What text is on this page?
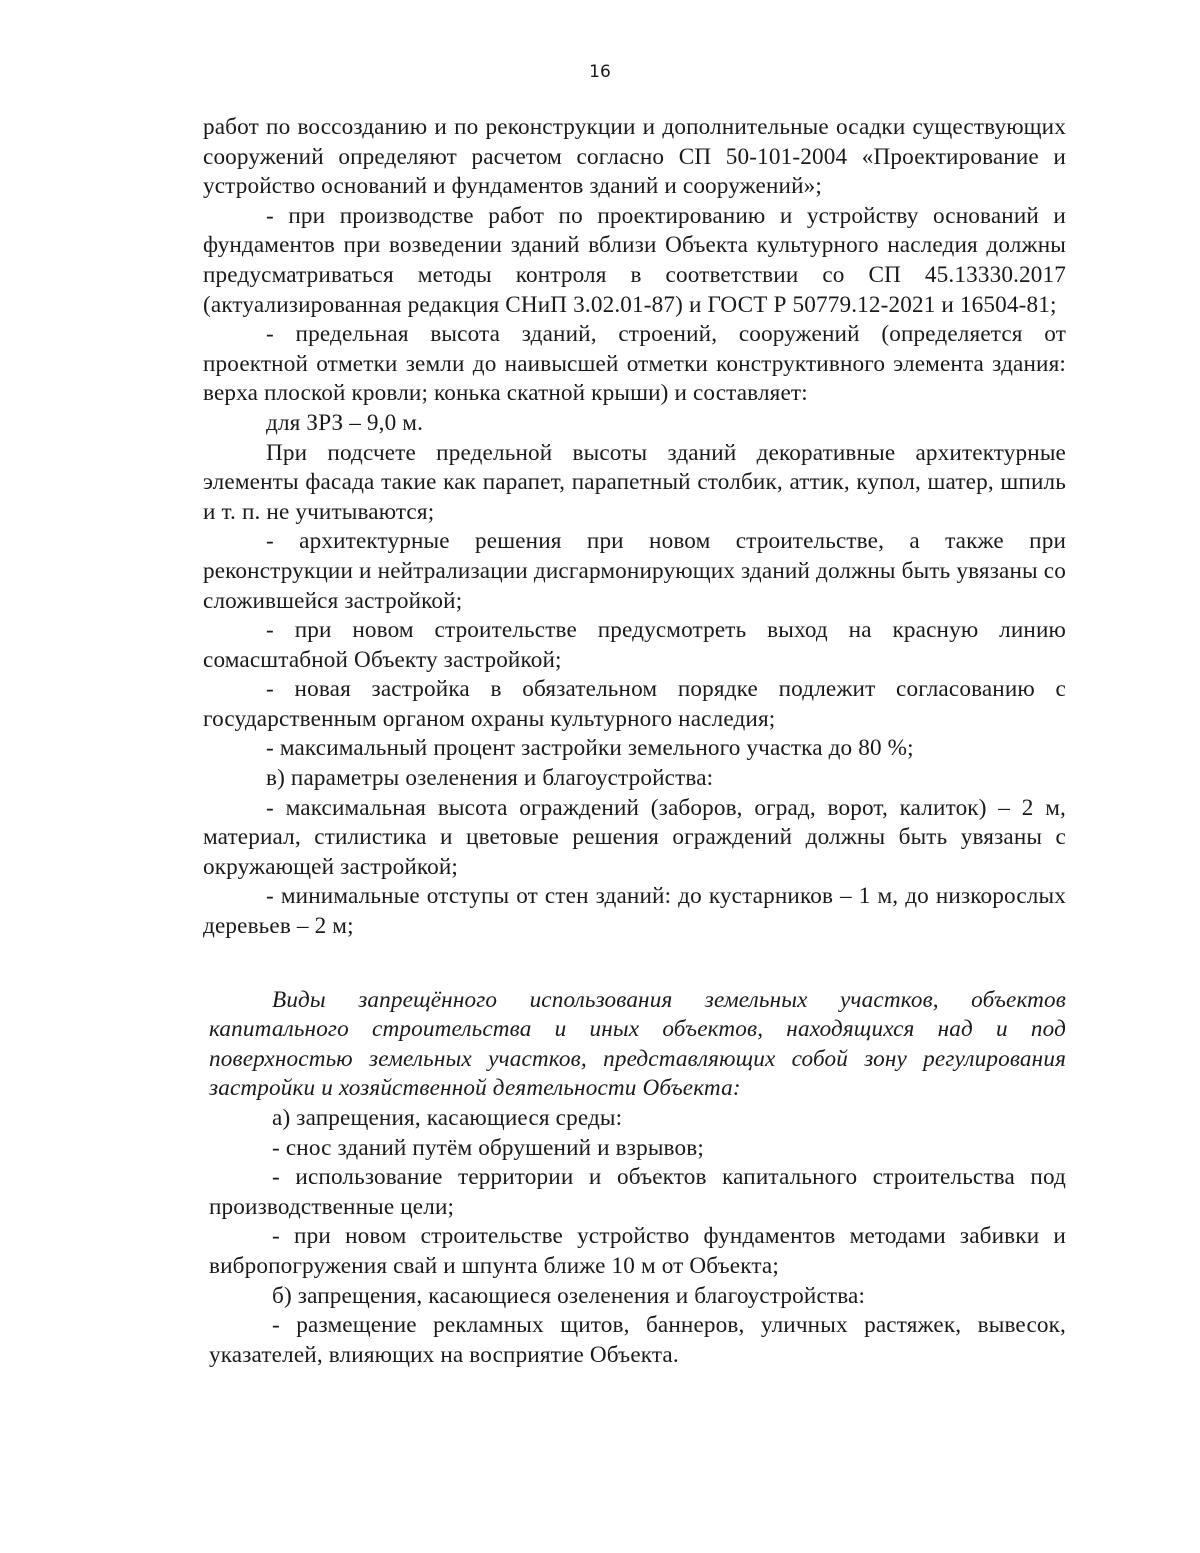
16

работ по воссозданию и по реконструкции и дополнительные осадки существующих сооружений определяют расчетом согласно СП 50-101-2004 «Проектирование и устройство оснований и фундаментов зданий и сооружений»;

- при производстве работ по проектированию и устройству оснований и фундаментов при возведении зданий вблизи Объекта культурного наследия должны предусматриваться методы контроля в соответствии со СП 45.13330.2017 (актуализированная редакция СНиП 3.02.01-87) и ГОСТ Р 50779.12-2021 и 16504-81;

- предельная высота зданий, строений, сооружений (определяется от проектной отметки земли до наивысшей отметки конструктивного элемента здания: верха плоской кровли; конька скатной крыши) и составляет:

для ЗРЗ – 9,0 м.

При подсчете предельной высоты зданий декоративные архитектурные элементы фасада такие как парапет, парапетный столбик, аттик, купол, шатер, шпиль и т. п. не учитываются;

- архитектурные решения при новом строительстве, а также при реконструкции и нейтрализации дисгармонирующих зданий должны быть увязаны со сложившейся застройкой;

- при новом строительстве предусмотреть выход на красную линию сомасштабной Объекту застройкой;

- новая застройка в обязательном порядке подлежит согласованию с государственным органом охраны культурного наследия;

- максимальный процент застройки земельного участка до 80 %;

в) параметры озеленения и благоустройства:

- максимальная высота ограждений (заборов, оград, ворот, калиток) – 2 м, материал, стилистика и цветовые решения ограждений должны быть увязаны с окружающей застройкой;

- минимальные отступы от стен зданий: до кустарников – 1 м, до низкорослых деревьев – 2 м;

Виды запрещённого использования земельных участков, объектов капитального строительства и иных объектов, находящихся над и под поверхностью земельных участков, представляющих собой зону регулирования застройки и хозяйственной деятельности Объекта:

а) запрещения, касающиеся среды:

- снос зданий путём обрушений и взрывов;

- использование территории и объектов капитального строительства под производственные цели;

- при новом строительстве устройство фундаментов методами забивки и вибропогружения свай и шпунта ближе 10 м от Объекта;

б) запрещения, касающиеся озеленения и благоустройства:

- размещение рекламных щитов, баннеров, уличных растяжек, вывесок, указателей, влияющих на восприятие Объекта.
